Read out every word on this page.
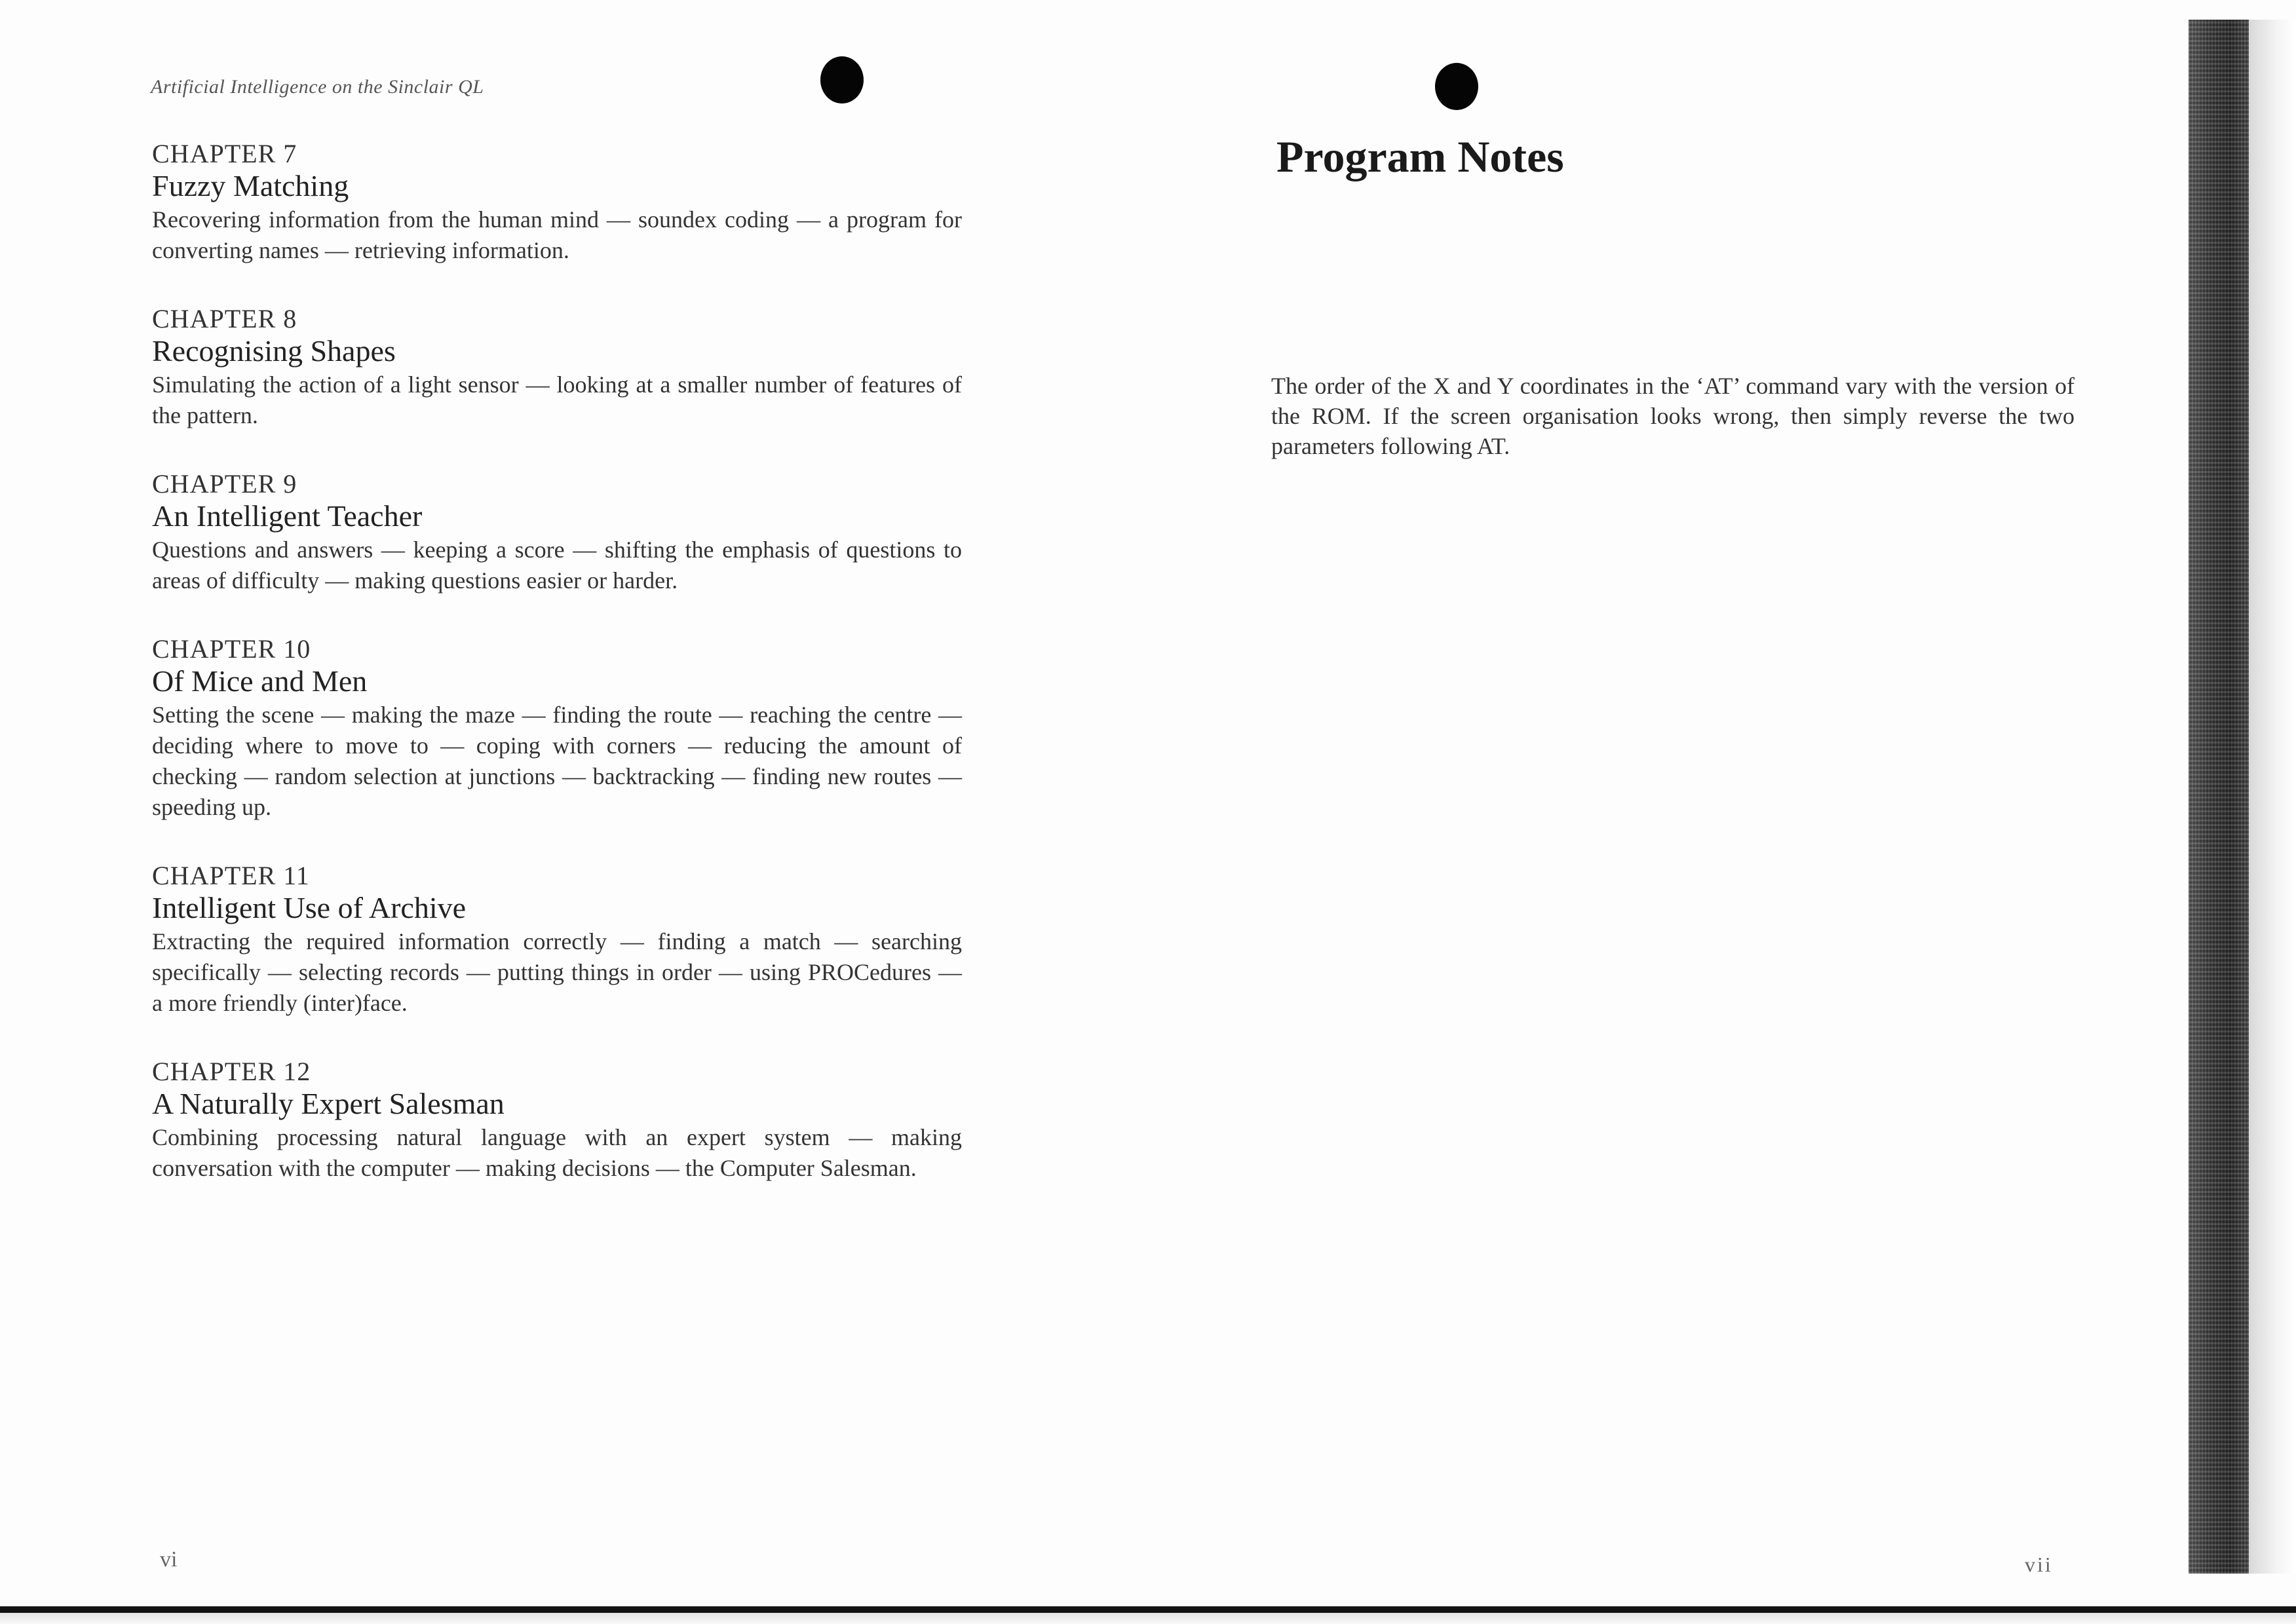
Artificial Intelligence on the Sinclair QL
CHAPTER 7
Fuzzy Matching
Recovering information from the human mind — soundex coding — a program for converting names — retrieving information.
CHAPTER 8
Recognising Shapes
Simulating the action of a light sensor — looking at a smaller number of features of the pattern.
CHAPTER 9
An Intelligent Teacher
Questions and answers — keeping a score — shifting the emphasis of questions to areas of difficulty — making questions easier or harder.
CHAPTER 10
Of Mice and Men
Setting the scene — making the maze — finding the route — reaching the centre — deciding where to move to — coping with corners — reducing the amount of checking — random selection at junctions — backtracking — finding new routes — speeding up.
CHAPTER 11
Intelligent Use of Archive
Extracting the required information correctly — finding a match — searching specifically — selecting records — putting things in order — using PROCedures — a more friendly (inter)face.
CHAPTER 12
A Naturally Expert Salesman
Combining processing natural language with an expert system — making conversation with the computer — making decisions — the Computer Salesman.
vi
Program Notes
The order of the X and Y coordinates in the ‘AT’ command vary with the version of the ROM. If the screen organisation looks wrong, then simply reverse the two parameters following AT.
vii
